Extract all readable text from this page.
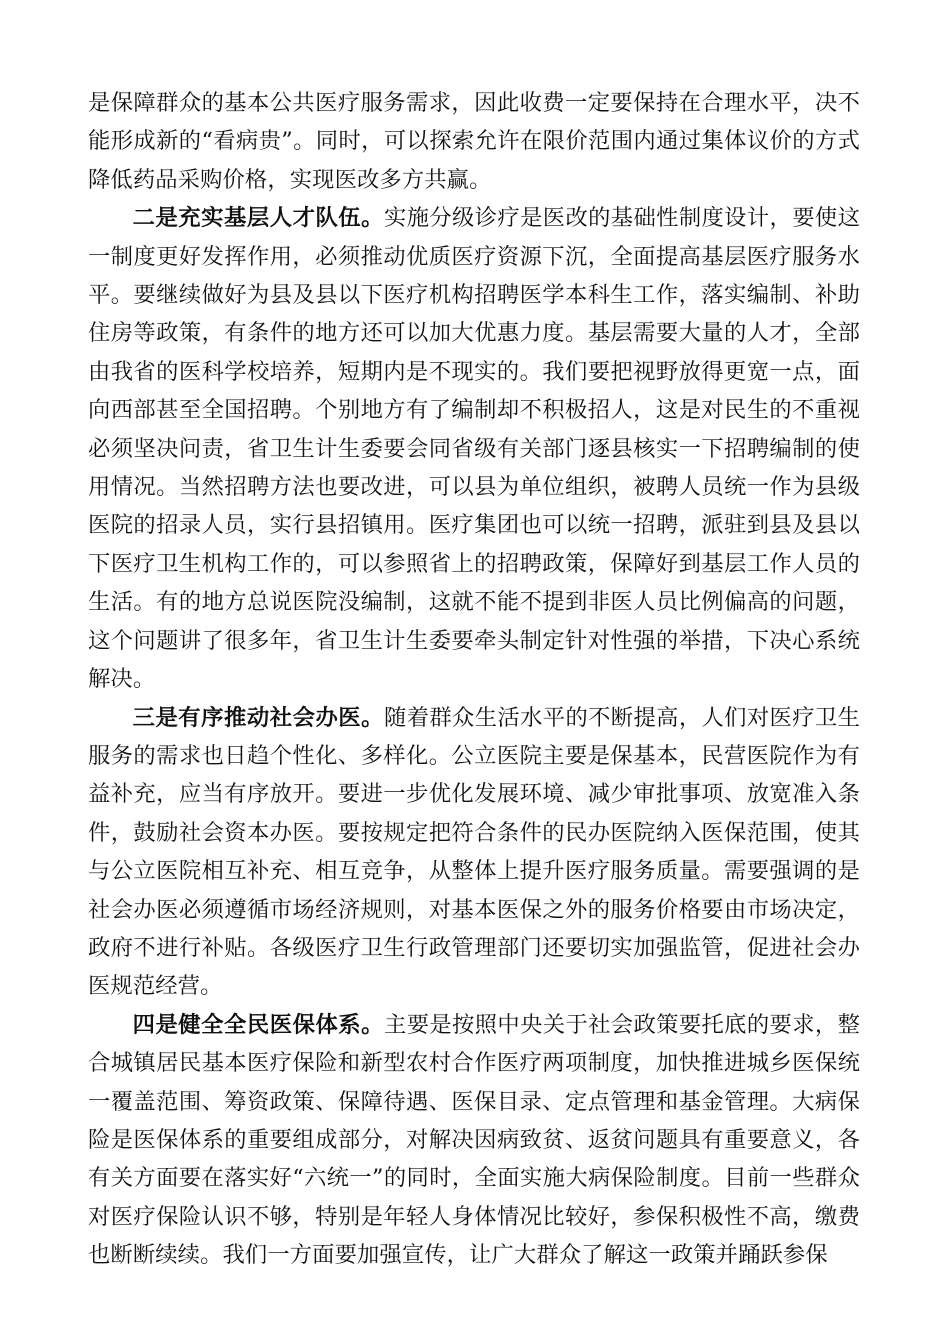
是保障群众的基本公共医疗服务需求，因此收费一定要保持在合理水平，决不能形成新的“看病贵”。同时，可以探索允许在限价范围内通过集体议价的方式降低药品采购价格，实现医改多方共赢。

二是充实基层人才队伍。实施分级诊疗是医改的基础性制度设计，要使这一制度更好发挥作用，必须推动优质医疗资源下沉，全面提高基层医疗服务水平。要继续做好为县及县以下医疗机构招聘医学本科生工作，落实编制、补助住房等政策，有条件的地方还可以加大优惠力度。基层需要大量的人才，全部由我省的医科学校培养，短期内是不现实的。我们要把视野放得更宽一点，面向西部甚至全国招聘。个别地方有了编制却不积极招人，这是对民生的不重视必须坚决问责，省卫生计生委要会同省级有关部门逐县核实一下招聘编制的使用情况。当然招聘方法也要改进，可以县为单位组织，被聘人员统一作为县级医院的招录人员，实行县招镇用。医疗集团也可以统一招聘，派驻到县及县以下医疗卫生机构工作的，可以参照省上的招聘政策，保障好到基层工作人员的生活。有的地方总说医院没编制，这就不能不提到非医人员比例偏高的问题，这个问题讲了很多年，省卫生计生委要牵头制定针对性强的举措，下决心系统解决。

三是有序推动社会办医。随着群众生活水平的不断提高，人们对医疗卫生服务的需求也日趋个性化、多样化。公立医院主要是保基本，民营医院作为有益补充，应当有序放开。要进一步优化发展环境、减少审批事项、放宽准入条件，鼓励社会资本办医。要按规定把符合条件的民办医院纳入医保范围，使其与公立医院相互补充、相互竞争，从整体上提升医疗服务质量。需要强调的是社会办医必须遵循市场经济规则，对基本医保之外的服务价格要由市场决定，政府不进行补贴。各级医疗卫生行政管理部门还要切实加强监管，促进社会办医规范经营。

四是健全全民医保体系。主要是按照中央关于社会政策要托底的要求，整合城镇居民基本医疗保险和新型农村合作医疗两项制度，加快推进城乡医保统一覆盖范围、筹资政策、保障待遇、医保目录、定点管理和基金管理。大病保险是医保体系的重要组成部分，对解决因病致贫、返贫问题具有重要意义，各有关方面要在落实好“六统一”的同时，全面实施大病保险制度。目前一些群众对医疗保险认识不够，特别是年轻人身体情况比较好，参保积极性不高，缴费也断断续续。我们一方面要加强宣传，让广大群众了解这一政策并踊跃参保
